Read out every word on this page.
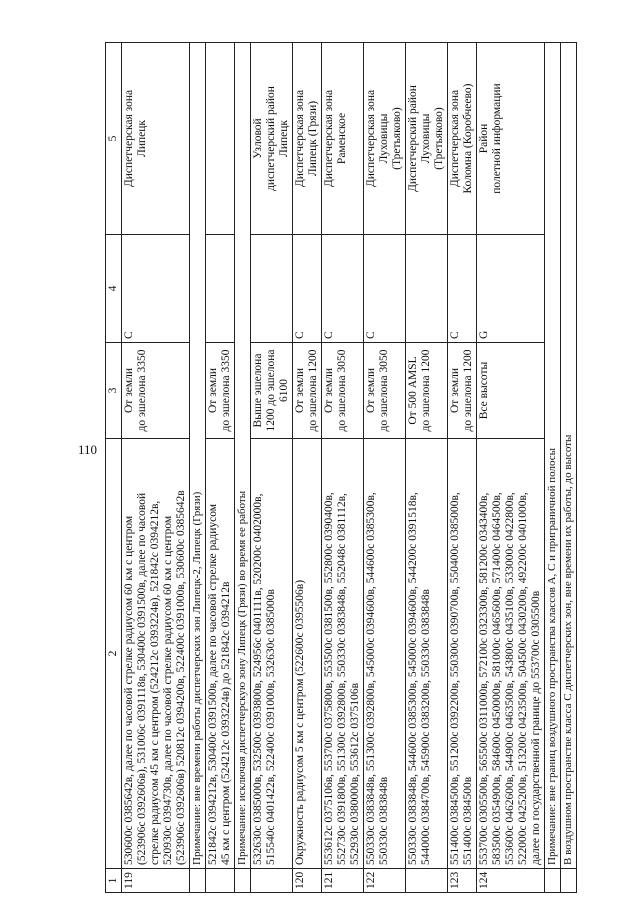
110
1	2	3	4	5
119	530600с 0385642в, далее по часовой стрелке радиусом 60 км с центром (523906с 0392606в), 531006с 0391118в, 530400с 0391500в, далее по часовой стрелке радиусом 45 км с центром (524212с 0393224в), 521842с 0394212в, 520930с 0394730в, далее по часовой стрелке радиусом 60 км с центром (523906с 0392606в) 520812с 0394200в, 522400с 0391000в, 530600с 0385642в	От земли до эшелона 3350	C	Диспетчерская зона Липецк

	Примечание: вне времени работы диспетчерских зон Липецк-2, Липецк (Грязи)			

	521842с 0394212в, 530400с 0391500в, далее по часовой стрелке радиусом 45 км с центром (524212с 0393224в) до 521842с 0394212в	От земли до эшелона 3350		

	Примечание: исключая диспетчерскую зону Липецк (Грязи) во время ее работы			

	532630с 0385000в, 532500с 0393800в, 524956с 0401111в, 520200с 0402000в, 515540с 0401422в, 522400с 0391000в, 532630с 0385000в	Выше эшелона 1200 до эшелона 6100		Узловой диспетчерский район Липецк

120	Окружность радиусом 5 км с центром (522600с 0395506в)	От земли до эшелона 1200	C	Диспетчерская зона Липецк (Грязи)

121	553612с 0375106в, 553700с 0375800в, 553500с 0381500в, 552800с 0390400в, 552730с 0391800в, 551300с 0392800в, 550330с 0383848в, 552048с 0381112в, 552930с 0380000в, 553612с 0375106в	От земли до эшелона 3050	C	Диспетчерская зона Раменское

122	550330с 0383848в, 551300с 0392800в, 545000с 0394600в, 544600с 0385300в, 550330с 0383848в	От земли до эшелона 3050	C	Диспетчерская зона Луховицы (Третьяково)

	550330с 0383848в, 544600с 0385300в, 545000с 0394600в, 544200с 0391518в, 544000с 0384700в, 545900с 0383200в, 550330с 0383848в	От 500 AMSL до эшелона 1200		Диспетчерский район Луховицы (Третьяково)

123	551400с 0384500в, 551200с 0392200в, 550300с 0390700в, 550400с 0385000в, 551400с 0384500в	От земли до эшелона 1200	C	Диспетчерская зона Коломна (Коробчеево)

124	553700с 0305500в, 565500с 0311000в, 572100с 0323300в, 581200с 0343400в, 583500с 0354900в, 584600с 0450000в, 581000с 0465600в, 571400с 0464500в, 553600с 0462600в, 544900с 0463500в, 543800с 0435100в, 533000с 0422800в, 522000с 0425200в, 513200с 0423500в, 504500с 0430200в, 492200с 0401000в, далее по государственной границе до 553700с 0305500в	Все высоты	G	Район полетной информации

	Примечание: вне границ воздушного пространства классов А, С и приграничной полосы			
	В воздушном пространстве класса С диспетчерских зон, вне времени их работы, до высоты			
